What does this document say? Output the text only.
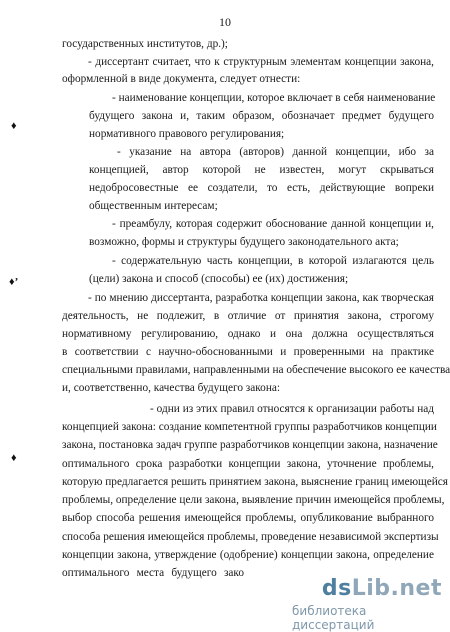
10
♦
♦ʼ
♦
государственных институтов, др.);
- диссертант считает, что к структурным элементам концепции закона,
оформленной в виде документа, следует отнести:
- наименование концепции, которое включает в себя наименование
будущего закона и, таким образом, обозначает предмет будущего
нормативного правового регулирования;
- указание на автора (авторов) данной концепции, ибо за
концепцией, автор которой не известен, могут скрываться
недобросовестные ее создатели, то есть, действующие вопреки
общественным интересам;
- преамбулу, которая содержит обоснование данной концепции и,
возможно, формы и структуры будущего законодательного акта;
- содержательную часть концепции, в которой излагаются цель
(цели) закона и способ (способы) ее (их) достижения;
- по мнению диссертанта, разработка концепции закона, как творческая
деятельность, не подлежит, в отличие от принятия закона, строгому
нормативному регулированию, однако и она должна осуществляться
в соответствии с научно-обоснованными и проверенными на практике
специальными правилами, направленными на обеспечение высокого ее качества
и, соответственно, качества будущего закона:
- одни из этих правил относятся к организации работы над
концепцией закона: создание компетентной группы разработчиков концепции
закона, постановка задач группе разработчиков концепции закона, назначение
оптимального срока разработки концепции закона, уточнение проблемы,
которую предлагается решить принятием закона, выяснение границ имеющейся
проблемы, определение цели закона, выявление причин имеющейся проблемы,
выбор способа решения имеющейся проблемы, опубликование выбранного
способа решения имеющейся проблемы, проведение независимой экспертизы
концепции закона, утверждение (одобрение) концепции закона, определение
оптимального места будущего зако
dsLib.net
библиотека диссертаций
